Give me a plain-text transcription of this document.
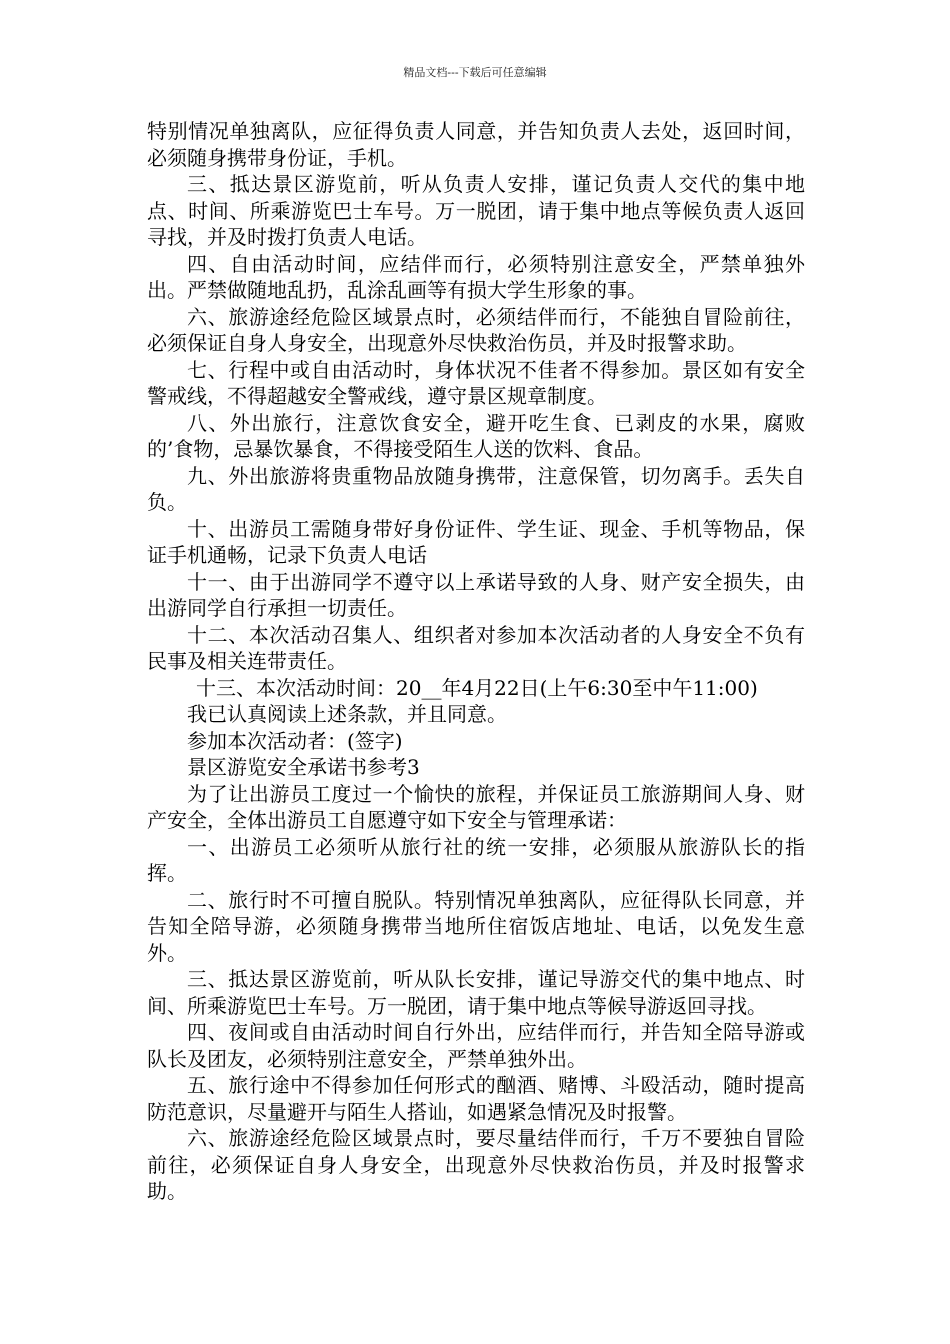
精品文档---下载后可任意编辑

特别情况单独离队，应征得负责人同意，并告知负责人去处，返回时间，必须随身携带身份证，手机。

三、抵达景区游览前，听从负责人安排，谨记负责人交代的集中地点、时间、所乘游览巴士车号。万一脱团，请于集中地点等候负责人返回寻找，并及时拨打负责人电话。

四、自由活动时间，应结伴而行，必须特别注意安全，严禁单独外出。严禁做随地乱扔，乱涂乱画等有损大学生形象的事。

六、旅游途经危险区域景点时，必须结伴而行，不能独自冒险前往，必须保证自身人身安全，出现意外尽快救治伤员，并及时报警求助。

七、行程中或自由活动时，身体状况不佳者不得参加。景区如有安全警戒线，不得超越安全警戒线，遵守景区规章制度。

八、外出旅行，注意饮食安全，避开吃生食、已剥皮的水果，腐败的’食物，忌暴饮暴食，不得接受陌生人送的饮料、食品。

九、外出旅游将贵重物品放随身携带，注意保管，切勿离手。丢失自负。

十、出游员工需随身带好身份证件、学生证、现金、手机等物品，保证手机通畅，记录下负责人电话

十一、由于出游同学不遵守以上承诺导致的人身、财产安全损失，由出游同学自行承担一切责任。

十二、本次活动召集人、组织者对参加本次活动者的人身安全不负有民事及相关连带责任。

十三、本次活动时间：20__年4月22日(上午6:30至中午11:00)

我已认真阅读上述条款，并且同意。

参加本次活动者：(签字)

景区游览安全承诺书参考3

为了让出游员工度过一个愉快的旅程，并保证员工旅游期间人身、财产安全，全体出游员工自愿遵守如下安全与管理承诺：

一、出游员工必须听从旅行社的统一安排，必须服从旅游队长的指挥。

二、旅行时不可擅自脱队。特别情况单独离队，应征得队长同意，并告知全陪导游，必须随身携带当地所住宿饭店地址、电话，以免发生意外。

三、抵达景区游览前，听从队长安排，谨记导游交代的集中地点、时间、所乘游览巴士车号。万一脱团，请于集中地点等候导游返回寻找。

四、夜间或自由活动时间自行外出，应结伴而行，并告知全陪导游或队长及团友，必须特别注意安全，严禁单独外出。

五、旅行途中不得参加任何形式的酗酒、赌博、斗殴活动，随时提高防范意识，尽量避开与陌生人搭讪，如遇紧急情况及时报警。

六、旅游途经危险区域景点时，要尽量结伴而行，千万不要独自冒险前往，必须保证自身人身安全，出现意外尽快救治伤员，并及时报警求助。
